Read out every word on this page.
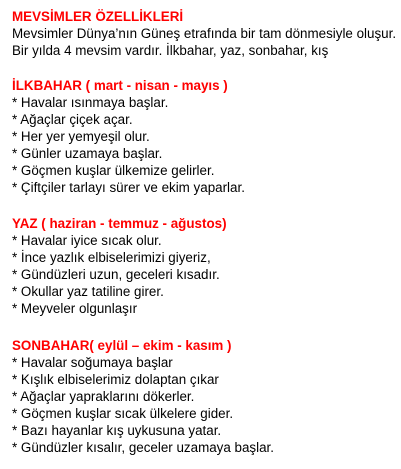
MEVSİMLER ÖZELLİKLERİ
Mevsimler Dünya’nın Güneş etrafında bir tam dönmesiyle oluşur.
Bir yılda 4 mevsim vardır. İlkbahar, yaz, sonbahar, kış
İLKBAHAR ( mart - nisan - mayıs )
* Havalar ısınmaya başlar.
* Ağaçlar çiçek açar.
* Her yer yemyeşil olur.
* Günler uzamaya başlar.
* Göçmen kuşlar ülkemize gelirler.
* Çiftçiler tarlayı sürer ve ekim yaparlar.
YAZ ( haziran - temmuz - ağustos)
* Havalar iyice sıcak olur.
* İnce yazlık elbiselerimizi giyeriz,
* Gündüzleri uzun, geceleri kısadır.
* Okullar yaz tatiline girer.
* Meyveler olgunlaşır
SONBAHAR( eylül – ekim - kasım )
* Havalar soğumaya başlar
* Kışlık elbiselerimiz dolaptan çıkar
* Ağaçlar yapraklarını dökerler.
* Göçmen kuşlar sıcak ülkelere gider.
* Bazı hayanlar kış uykusuna yatar.
* Gündüzler kısalır, geceler uzamaya başlar.
